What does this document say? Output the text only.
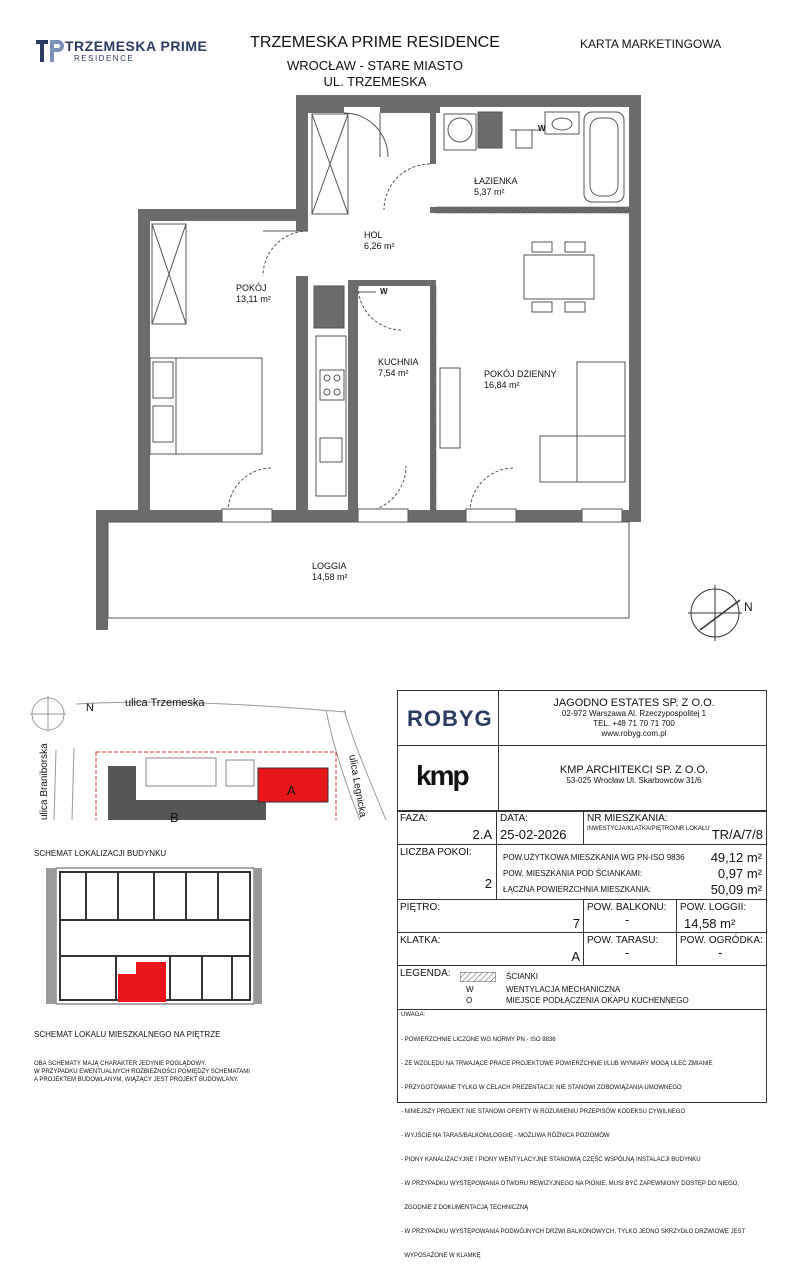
TRZEMESKA PRIME
RESIDENCE
TRZEMESKA PRIME RESIDENCE
WROCŁAW - STARE MIASTO
UL. TRZEMESKA
KARTA MARKETINGOWA
ŁAZIENKA
5,37 m²
HOL
6,26 m²
POKÓJ
13,11 m²
KUCHNIA
7,54 m²	POKÓJ DZIENNY
16,84 m²
LOGGIA
14,58 m²
W
W
N
ulica Trzemeska
ulica Braniborska	ulica Legnicka
B
A
N
SCHEMAT LOKALIZACJI BUDYNKU
SCHEMAT LOKALU MIESZKALNEGO NA PIĘTRZE
OBA SCHEMATY MAJĄ CHARAKTER JEDYNIE POGLĄDOWY.
W PRZYPADKU EWENTUALNYCH ROZBIEŻNOŚCI POMIĘDZY SCHEMATAMI
A PROJEKTEM BUDOWLANYM, WIĄŻĄCY JEST PROJEKT BUDOWLANY.
ROBYG
JAGODNO ESTATES SP. Z O.O.
02-972 Warszawa Al. Rzeczypospolitej 1
TEL. +48 71 70 71 700
www.robyg.com.pl
kmp	KMP ARCHITEKCI SP. Z O.O.
53-025 Wrocław Ul. Skarbowców 31/6
FAZA:
2.A
DATA:
25-02-2026
NR MIESZKANIA:
INWESTYCJA/KLATKA/PIĘTRO/NR LOKALU TR/A/7/8
LICZBA POKOI:
2
POW.UŻYTKOWA MIESZKANIA WG PN-ISO 9836	49,12 m²
POW. MIESZKANIA POD ŚCIANKAMI:	0,97 m²
ŁĄCZNA POWIERZCHNIA MIESZKANIA:	50,09 m²
PIĘTRO:
7
POW. BALKONU:
-
POW. LOGGII:
14,58 m²
KLATKA:
A
POW. TARASU:
-
POW. OGRÓDKA:
-
LEGENDA:	ŚCIANKI
W	WENTYLACJA MECHANICZNA
O	MIEJSCE PODŁĄCZENIA OKAPU KUCHENNEGO
UWAGA:

- POWIERZCHNIE LICZONE WG NORMY PN - ISO 9836

- ZE WZGLĘDU NA TRWAJĄCE PRACE PROJEKTOWE POWIERZCHNIE I/LUB WYMIARY MOGĄ ULEC ZMIANIE

- PRZYGOTOWANE TYLKO W CELACH PREZENTACJI: NIE STANOWI ZOBOWIĄZANIA UMOWNEGO

- NINIEJSZY PROJEKT NIE STANOWI OFERTY W ROZUMIENIU PRZEPISÓW KODEKSU CYWILNEGO

- WYJŚCIE NA TARAS/BALKON/LOGGIĘ - MOŻLIWA RÓŻNICA POZIOMÓW

- PIONY KANALIZACYJNE I PIONY WENTYLACYJNE STANOWIĄ CZĘŚĆ WSPÓLNĄ INSTALACJI BUDYNKU

- W PRZYPADKU WYSTĘPOWANIA OTWORU REWIZYJNEGO NA PIONIE, MUSI BYĆ ZAPEWNIONY DOSTĘP DO NIEGO,

ZGODNIE Z DOKUMENTACJĄ TECHNICZNĄ

- W PRZYPADKU WYSTĘPOWANIA PODWÓJNYCH DRZWI BALKONOWYCH, TYLKO JEDNO SKRZYDŁO DRZWIOWE JEST

WYPOSAŻONE W KLAMKĘ
